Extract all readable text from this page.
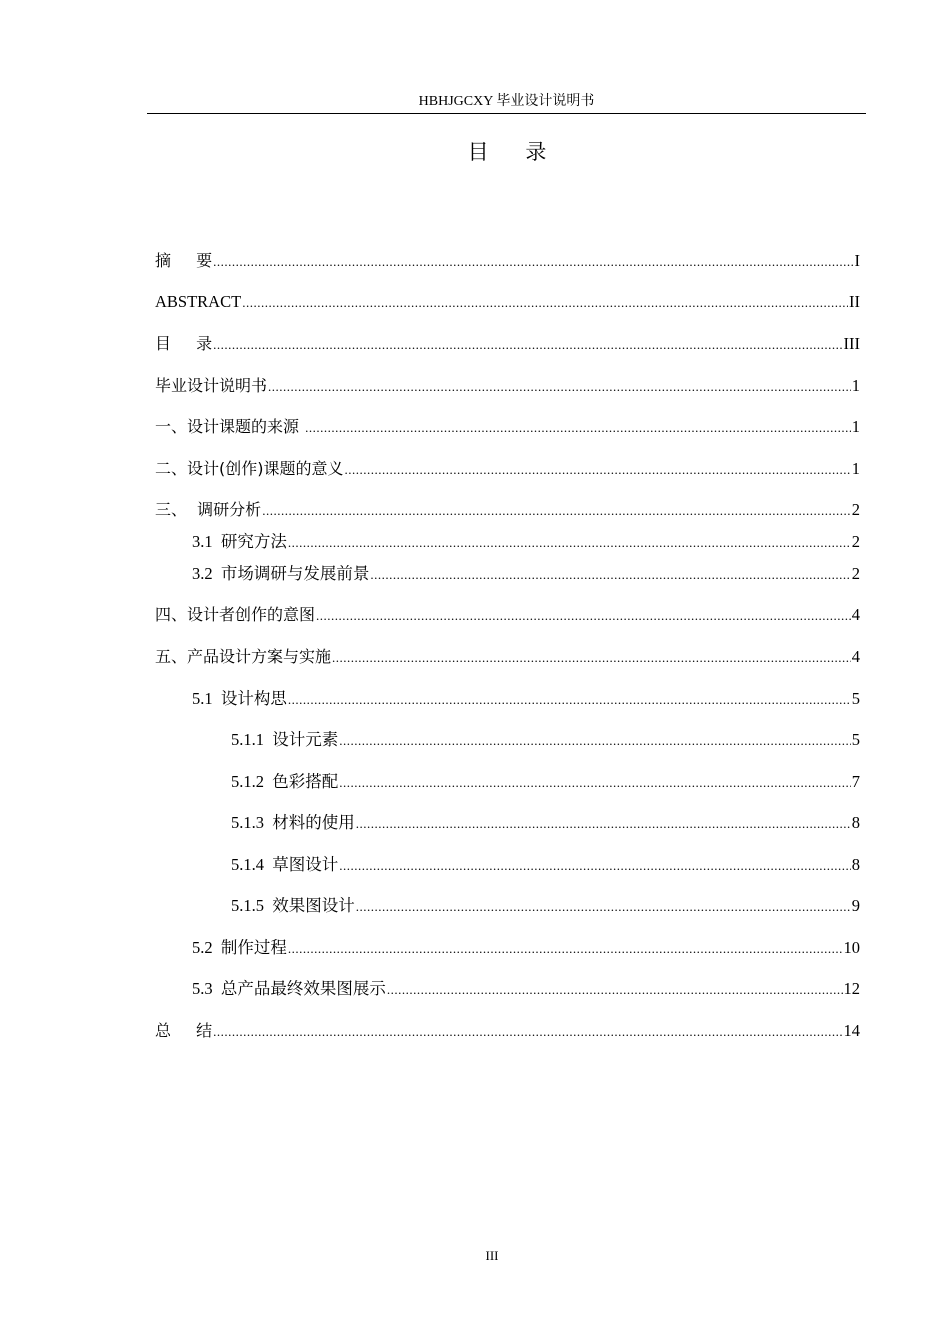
HBHJGCXY 毕业设计说明书
目 录
摘 要 .....	I
ABSTRACT .....	II
目 录 .....	III
毕业设计说明书 .....	1
一、设计课题的来源 .....	1
二、设计(创作)课题的意义 .....	1
三、  调研分析 .....	2
3.1  研究方法 .....	2
3.2  市场调研与发展前景 .....	2
四、设计者创作的意图 .....	4
五、产品设计方案与实施 .....	4
5.1  设计构思 .....	5
5.1.1  设计元素 .....	5
5.1.2  色彩搭配 .....	7
5.1.3  材料的使用 .....	8
5.1.4  草图设计 .....	8
5.1.5  效果图设计 .....	9
5.2  制作过程 .....	10
5.3  总产品最终效果图展示 .....	12
总 结 .....	14
III
